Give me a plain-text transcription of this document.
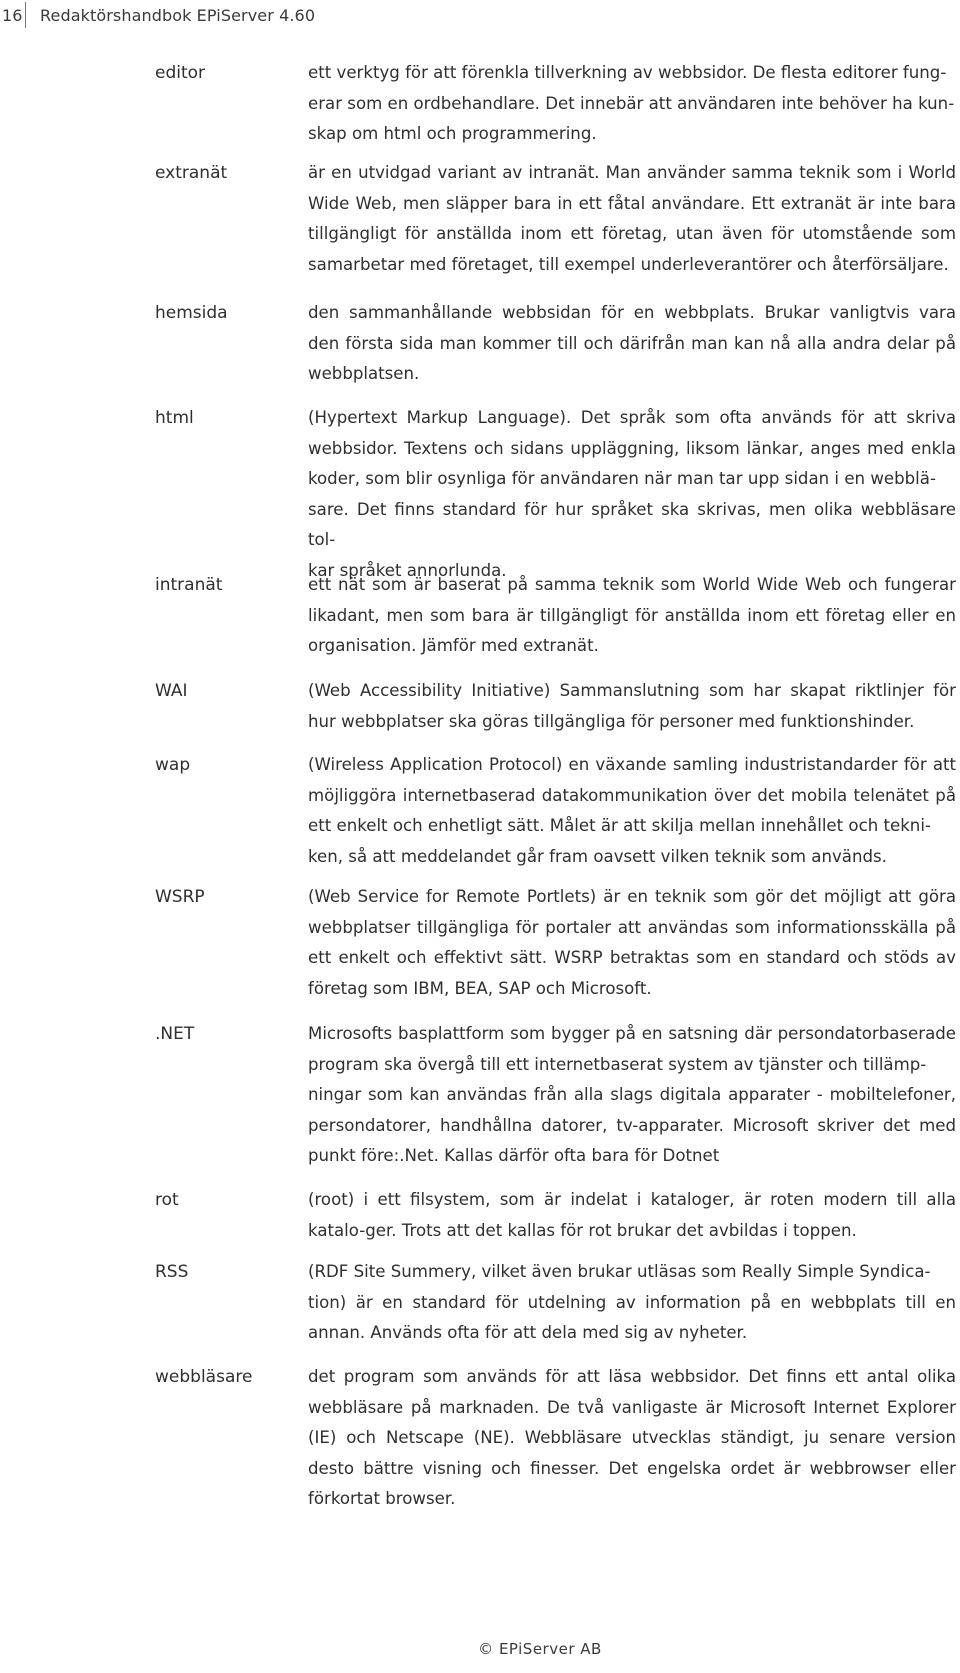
16 Redaktörshandbok EPiServer 4.60
editor	ett verktyg för att förenkla tillverkning av webbsidor. De flesta editorer fung-
erar som en ordbehandlare. Det innebär att användaren inte behöver ha kun-
skap om html och programmering.

extranät	är en utvidgad variant av intranät. Man använder samma teknik som i World Wide Web, men släpper bara in ett fåtal användare. Ett extranät är inte bara tillgängligt för anställda inom ett företag, utan även för utomstående som samarbetar med företaget, till exempel underleverantörer och återförsäljare.

hemsida	den sammanhållande webbsidan för en webbplats. Brukar vanligtvis vara den första sida man kommer till och därifrån man kan nå alla andra delar på webbplatsen.

html	(Hypertext Markup Language). Det språk som ofta används för att skriva webbsidor. Textens och sidans uppläggning, liksom länkar, anges med enkla koder, som blir osynliga för användaren när man tar upp sidan i en webblä-
sare. Det finns standard för hur språket ska skrivas, men olika webbläsare tol-
kar språket annorlunda.

intranät	ett nät som är baserat på samma teknik som World Wide Web och fungerar likadant, men som bara är tillgängligt för anställda inom ett företag eller en organisation. Jämför med extranät.

WAI	(Web Accessibility Initiative) Sammanslutning som har skapat riktlinjer för hur webbplatser ska göras tillgängliga för personer med funktionshinder.

wap	(Wireless Application Protocol) en växande samling industristandarder för att möjliggöra internetbaserad datakommunikation över det mobila telenätet på ett enkelt och enhetligt sätt. Målet är att skilja mellan innehållet och tekni-
ken, så att meddelandet går fram oavsett vilken teknik som används.

WSRP	(Web Service for Remote Portlets) är en teknik som gör det möjligt att göra webbplatser tillgängliga för portaler att användas som informationsskälla på ett enkelt och effektivt sätt. WSRP betraktas som en standard och stöds av företag som IBM, BEA, SAP och Microsoft.

.NET	Microsofts basplattform som bygger på en satsning där persondatorbaserade program ska övergå till ett internetbaserat system av tjänster och tillämp-
ningar som kan användas från alla slags digitala apparater - mobiltelefoner, persondatorer, handhållna datorer, tv-apparater. Microsoft skriver det med punkt före:.Net. Kallas därför ofta bara för Dotnet

rot	(root) i ett filsystem, som är indelat i kataloger, är roten modern till alla katalo-ger. Trots att det kallas för rot brukar det avbildas i toppen.

RSS	(RDF Site Summery, vilket även brukar utläsas som Really Simple Syndica-
tion) är en standard för utdelning av information på en webbplats till en annan. Används ofta för att dela med sig av nyheter.

webbläsare	det program som används för att läsa webbsidor. Det finns ett antal olika webbläsare på marknaden. De två vanligaste är Microsoft Internet Explorer (IE) och Netscape (NE). Webbläsare utvecklas ständigt, ju senare version desto bättre visning och finesser. Det engelska ordet är webbrowser eller förkortat browser.

© EPiServer AB
